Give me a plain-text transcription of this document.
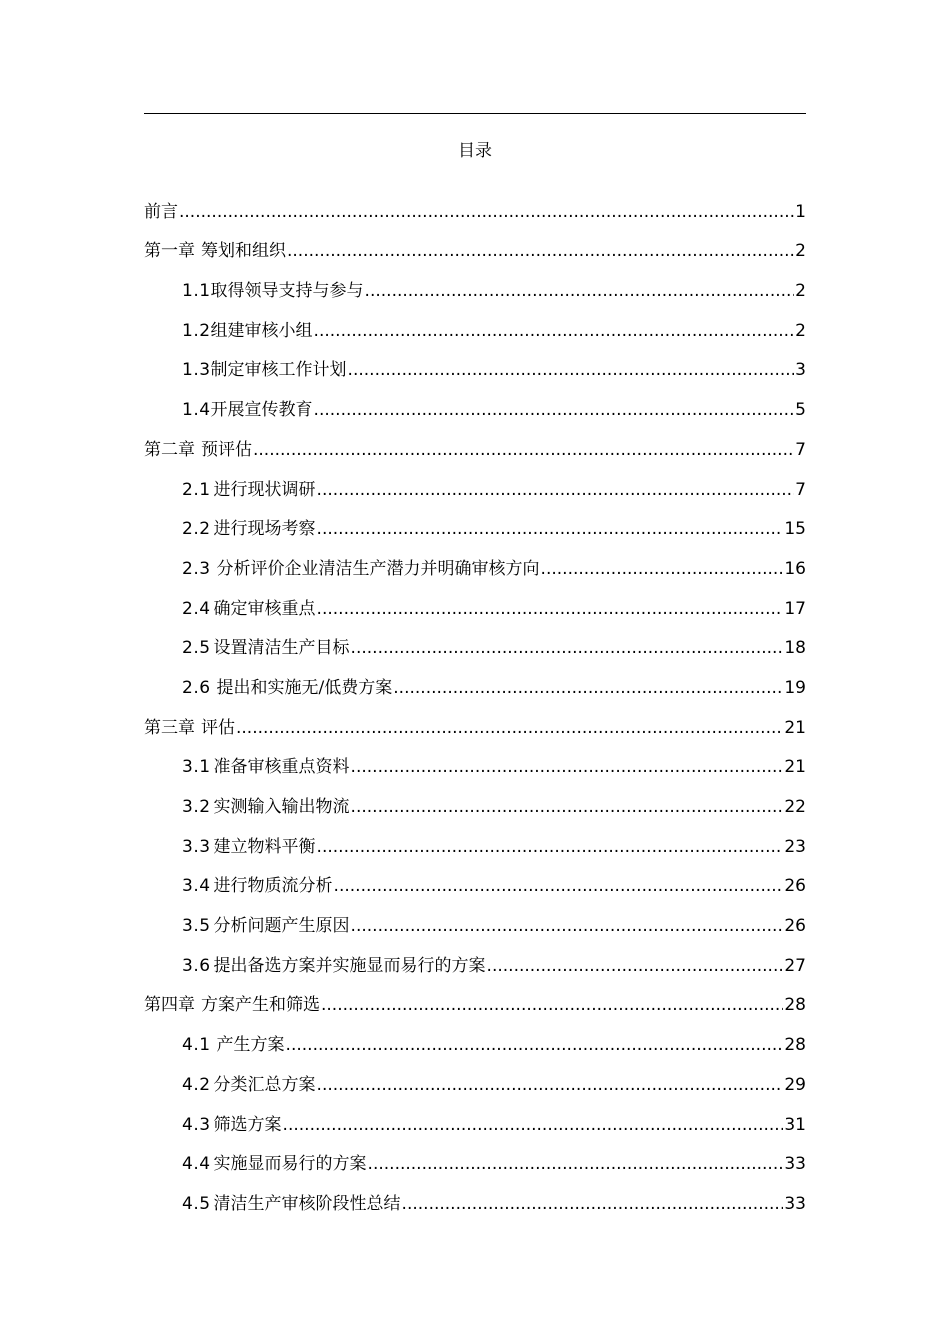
目录
前言 .....	1
第一章 筹划和组织 .....	2
1.1 取得领导支持与参与 .....	2
1.2 组建审核小组 .....	2
1.3 制定审核工作计划 .....	3
1.4 开展宣传教育 .....	5
第二章 预评估 .....	7
2.1 进行现状调研 .....	7
2.2 进行现场考察 .....	15
2.3 分析评价企业清洁生产潜力并明确审核方向 .....	16
2.4 确定审核重点 .....	17
2.5 设置清洁生产目标 .....	18
2.6 提出和实施无/低费方案 .....	19
第三章 评估 .....	21
3.1 准备审核重点资料 .....	21
3.2 实测输入输出物流 .....	22
3.3 建立物料平衡 .....	23
3.4 进行物质流分析 .....	26
3.5 分析问题产生原因 .....	26
3.6 提出备选方案并实施显而易行的方案 .....	27
第四章 方案产生和筛选 .....	28
4.1 产生方案 .....	28
4.2 分类汇总方案 .....	29
4.3 筛选方案 .....	31
4.4 实施显而易行的方案 .....	33
4.5 清洁生产审核阶段性总结 .....	33
